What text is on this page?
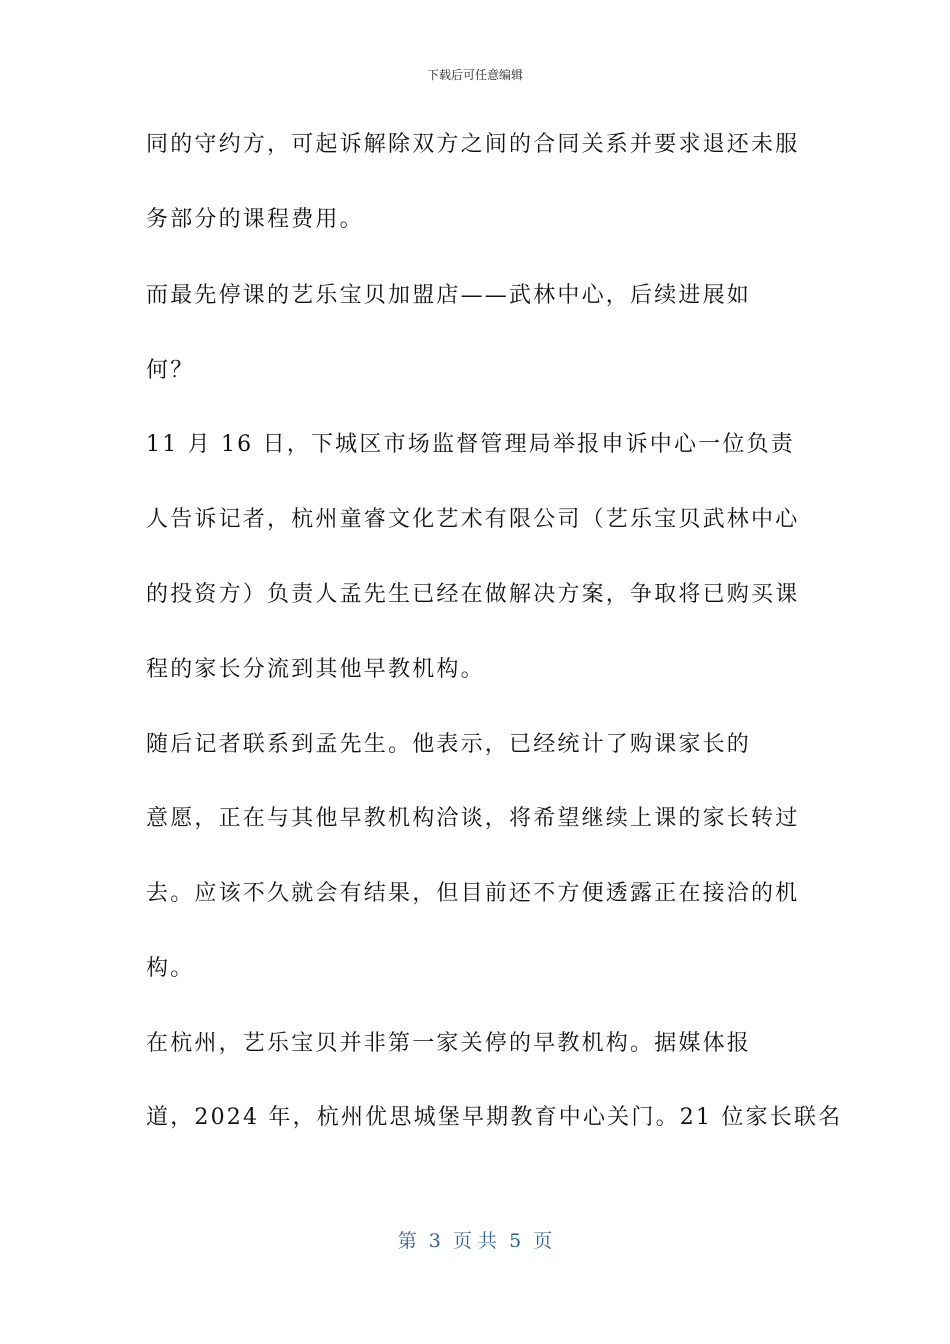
下载后可任意编辑
同的守约方，可起诉解除双方之间的合同关系并要求退还未服
务部分的课程费用。
而最先停课的艺乐宝贝加盟店——武林中心，后续进展如
何？
11 月 16 日，下城区市场监督管理局举报申诉中心一位负责
人告诉记者，杭州童睿文化艺术有限公司（艺乐宝贝武林中心
的投资方）负责人孟先生已经在做解决方案，争取将已购买课
程的家长分流到其他早教机构。
随后记者联系到孟先生。他表示，已经统计了购课家长的
意愿，正在与其他早教机构洽谈，将希望继续上课的家长转过
去。应该不久就会有结果，但目前还不方便透露正在接洽的机
构。
在杭州，艺乐宝贝并非第一家关停的早教机构。据媒体报
道，2024 年，杭州优思城堡早期教育中心关门。21 位家长联名
第  3  页 共  5  页
